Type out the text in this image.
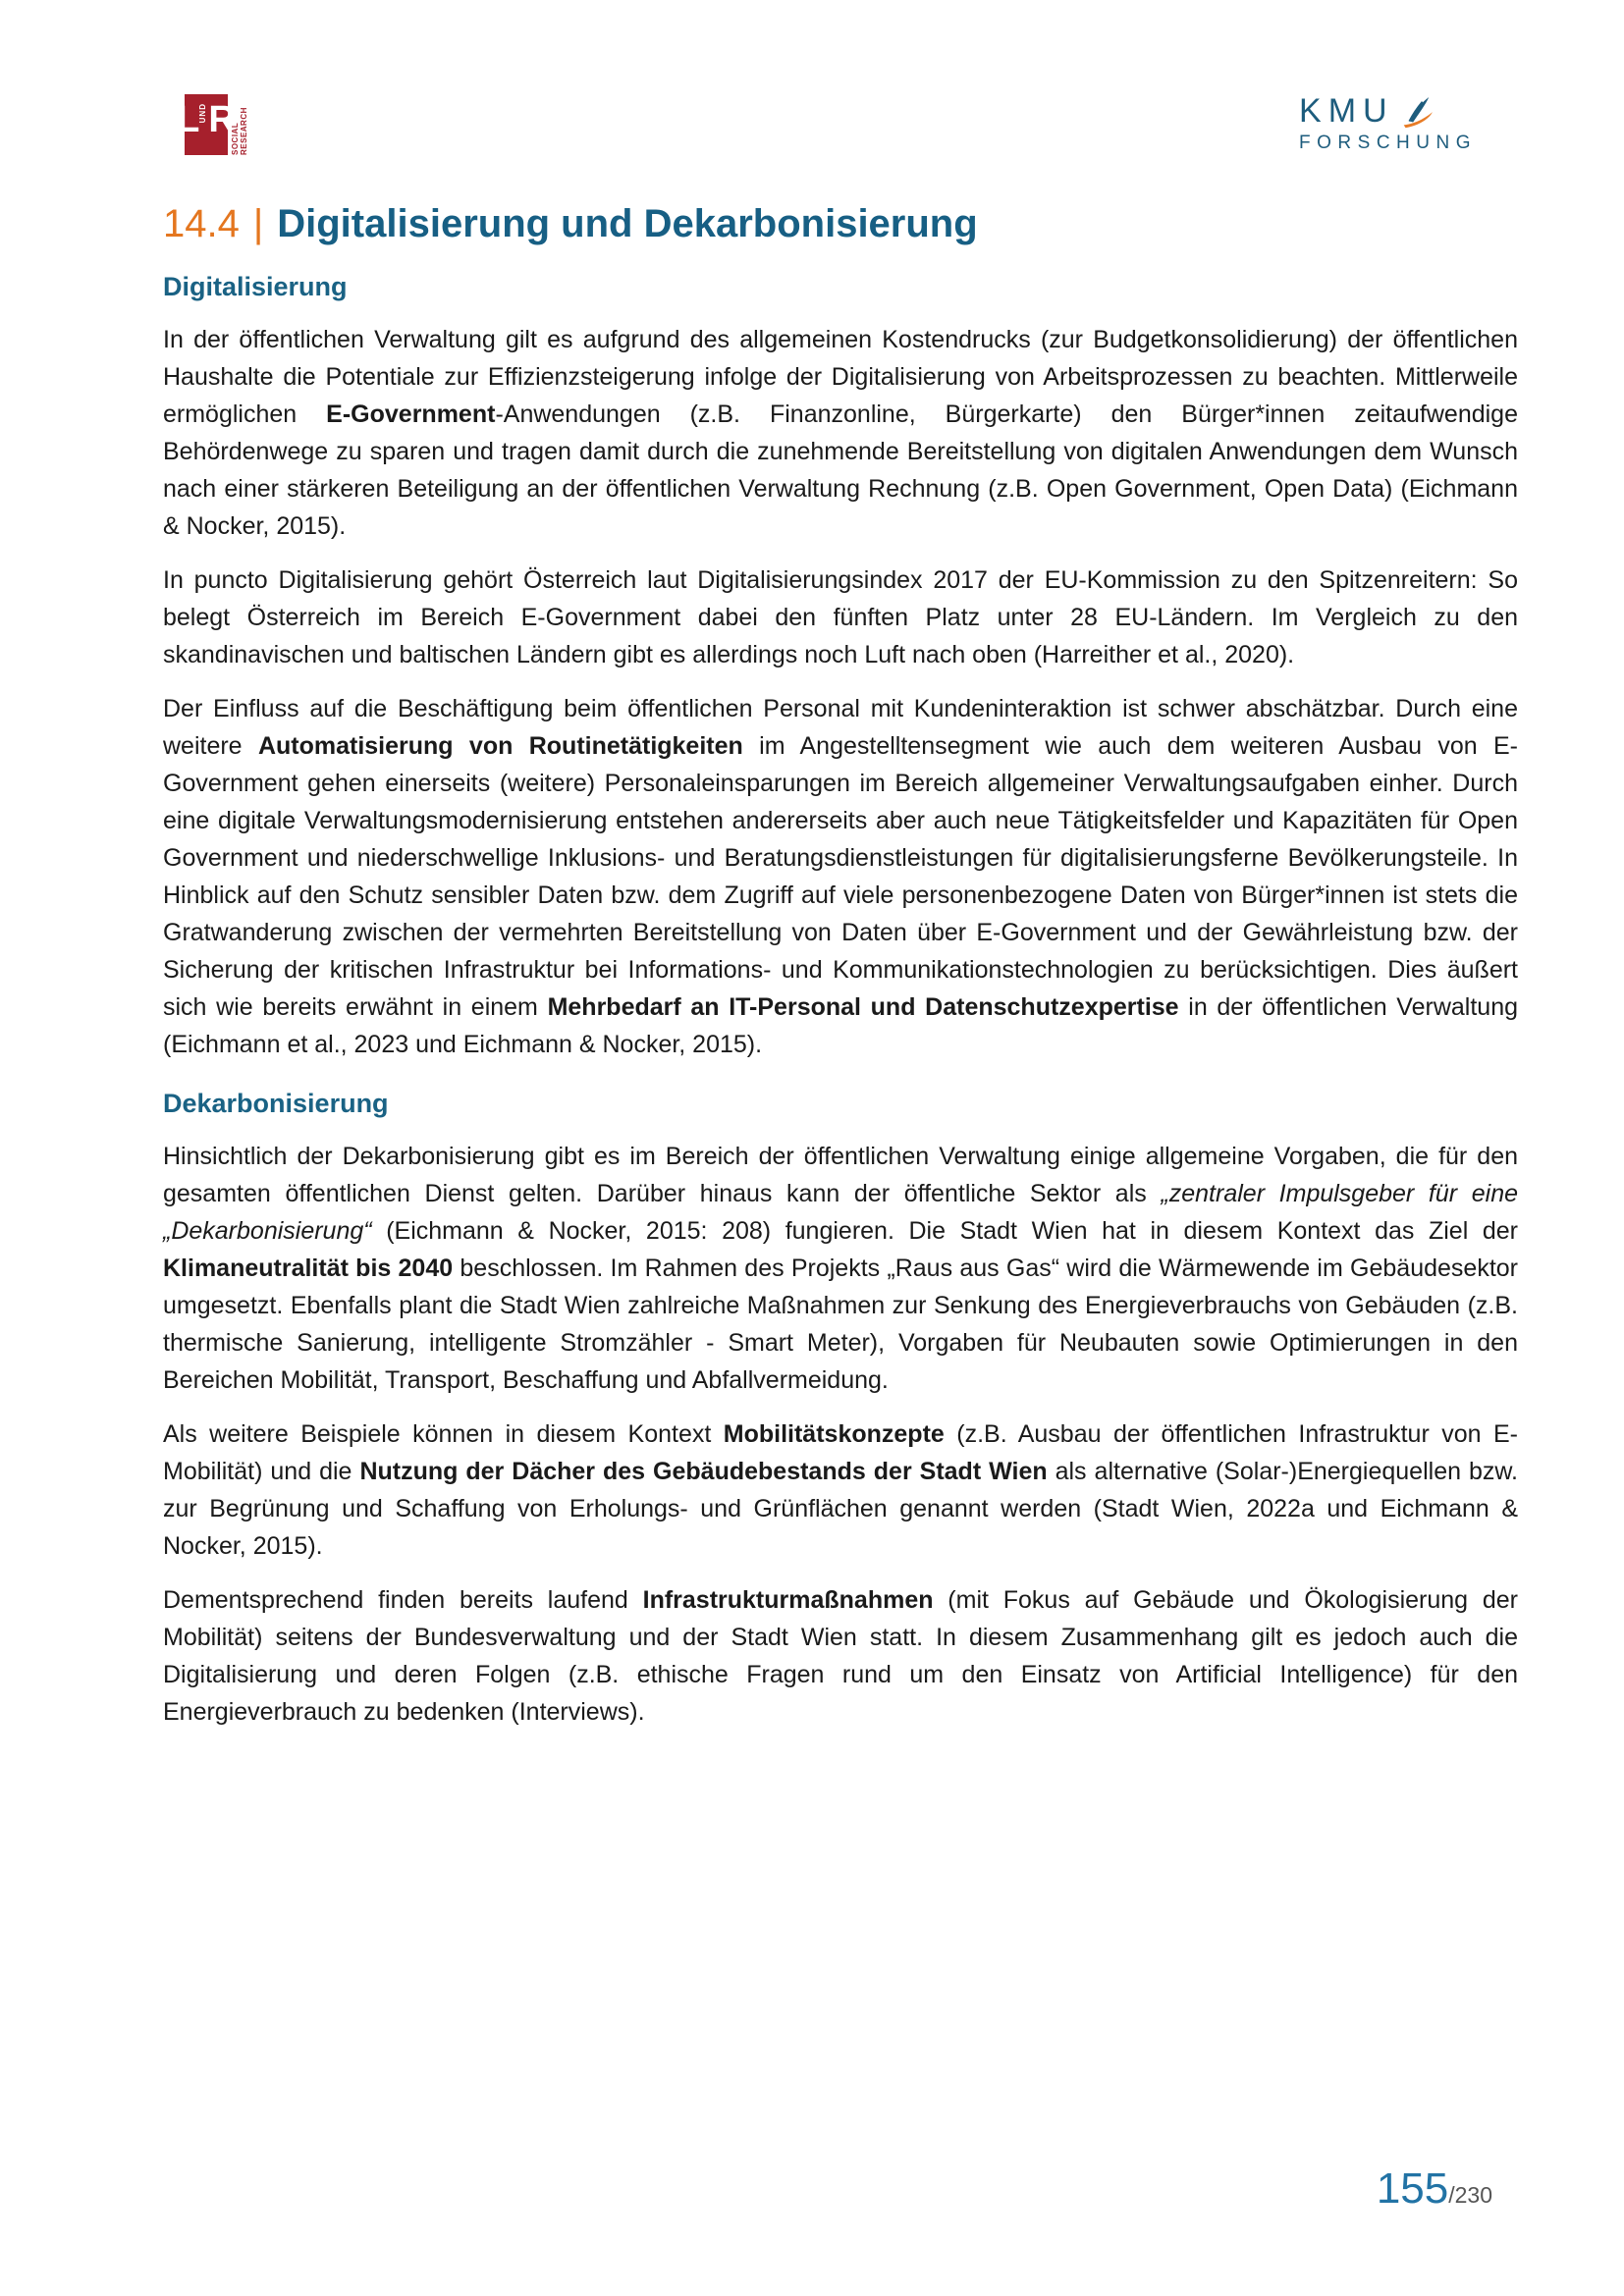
L UND R
SOCIAL RESEARCH	KMU
FORSCHUNG
14.4 | Digitalisierung und Dekarbonisierung
Digitalisierung

In der öffentlichen Verwaltung gilt es aufgrund des allgemeinen Kostendrucks (zur Budgetkonsolidierung) der öffentlichen Haushalte die Potentiale zur Effizienzsteigerung infolge der Digitalisierung von Arbeitsprozessen zu beachten. Mittlerweile ermöglichen E-Government-Anwendungen (z.B. Finanzonline, Bürgerkarte) den Bürger*innen zeitaufwendige Behördenwege zu sparen und tragen damit durch die zunehmende Bereitstellung von digitalen Anwendungen dem Wunsch nach einer stärkeren Beteiligung an der öffentlichen Verwaltung Rechnung (z.B. Open Government, Open Data) (Eichmann & Nocker, 2015).

In puncto Digitalisierung gehört Österreich laut Digitalisierungsindex 2017 der EU-Kommission zu den Spitzenreitern: So belegt Österreich im Bereich E-Government dabei den fünften Platz unter 28 EU-Ländern. Im Vergleich zu den skandinavischen und baltischen Ländern gibt es allerdings noch Luft nach oben (Harreither et al., 2020).

Der Einfluss auf die Beschäftigung beim öffentlichen Personal mit Kundeninteraktion ist schwer abschätzbar. Durch eine weitere Automatisierung von Routinetätigkeiten im Angestelltensegment wie auch dem weiteren Ausbau von E-Government gehen einerseits (weitere) Personaleinsparungen im Bereich allgemeiner Verwaltungsaufgaben einher. Durch eine digitale Verwaltungsmodernisierung entstehen andererseits aber auch neue Tätigkeitsfelder und Kapazitäten für Open Government und niederschwellige Inklusions- und Beratungsdienstleistungen für digitalisierungsferne Bevölkerungsteile. In Hinblick auf den Schutz sensibler Daten bzw. dem Zugriff auf viele personenbezogene Daten von Bürger*innen ist stets die Gratwanderung zwischen der vermehrten Bereitstellung von Daten über E-Government und der Gewährleistung bzw. der Sicherung der kritischen Infrastruktur bei Informations- und Kommunikationstechnologien zu berücksichtigen. Dies äußert sich wie bereits erwähnt in einem Mehrbedarf an IT-Personal und Datenschutzexpertise in der öffentlichen Verwaltung (Eichmann et al., 2023 und Eichmann & Nocker, 2015).

Dekarbonisierung

Hinsichtlich der Dekarbonisierung gibt es im Bereich der öffentlichen Verwaltung einige allgemeine Vorgaben, die für den gesamten öffentlichen Dienst gelten. Darüber hinaus kann der öffentliche Sektor als „zentraler Impulsgeber für eine „Dekarbonisierung“ (Eichmann & Nocker, 2015: 208) fungieren. Die Stadt Wien hat in diesem Kontext das Ziel der Klimaneutralität bis 2040 beschlossen. Im Rahmen des Projekts „Raus aus Gas“ wird die Wärmewende im Gebäudesektor umgesetzt. Ebenfalls plant die Stadt Wien zahlreiche Maßnahmen zur Senkung des Energieverbrauchs von Gebäuden (z.B. thermische Sanierung, intelligente Stromzähler - Smart Meter), Vorgaben für Neubauten sowie Optimierungen in den Bereichen Mobilität, Transport, Beschaffung und Abfallvermeidung.

Als weitere Beispiele können in diesem Kontext Mobilitätskonzepte (z.B. Ausbau der öffentlichen Infrastruktur von E-Mobilität) und die Nutzung der Dächer des Gebäudebestands der Stadt Wien als alternative (Solar-)Energiequellen bzw. zur Begrünung und Schaffung von Erholungs- und Grünflächen genannt werden (Stadt Wien, 2022a und Eichmann & Nocker, 2015).

Dementsprechend finden bereits laufend Infrastrukturmaßnahmen (mit Fokus auf Gebäude und Ökologisierung der Mobilität) seitens der Bundesverwaltung und der Stadt Wien statt. In diesem Zusammenhang gilt es jedoch auch die Digitalisierung und deren Folgen (z.B. ethische Fragen rund um den Einsatz von Artificial Intelligence) für den Energieverbrauch zu bedenken (Interviews).

155 /230
